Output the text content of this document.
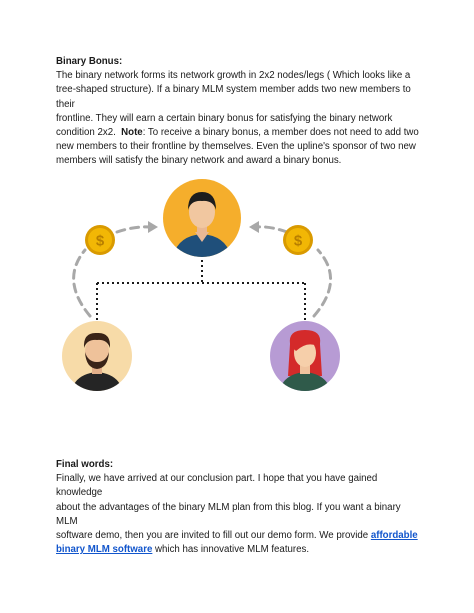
Binary Bonus:
The binary network forms its network growth in 2x2 nodes/legs ( Which looks like a
tree-shaped structure). If a binary MLM system member adds two new members to their
frontline. They will earn a certain binary bonus for satisfying the binary network
condition 2x2.  Note: To receive a binary bonus, a member does not need to add two
new members to their frontline by themselves. Even the upline's sponsor of two new
members will satisfy the binary network and award a binary bonus.
$	$
Final words:
Finally, we have arrived at our conclusion part. I hope that you have gained knowledge
about the advantages of the binary MLM plan from this blog. If you want a binary MLM
software demo, then you are invited to fill out our demo form. We provide affordable
binary MLM software which has innovative MLM features.
